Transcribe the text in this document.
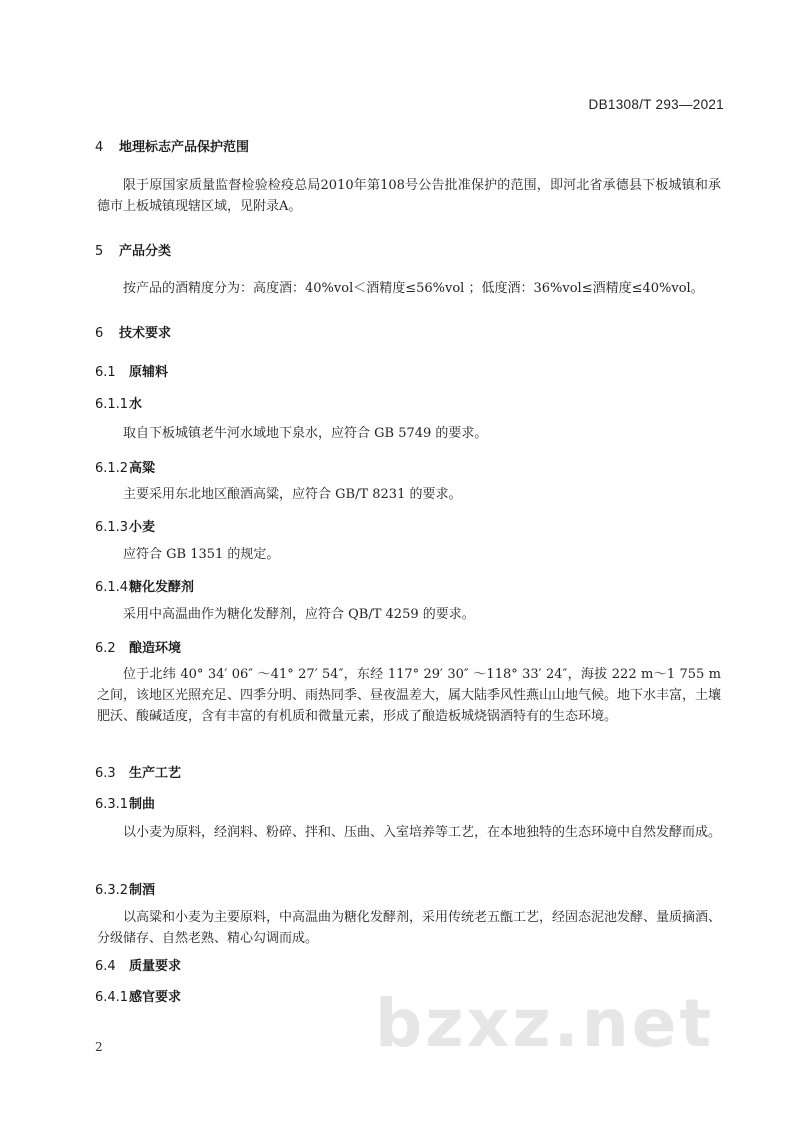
DB1308/T 293—2021
4 地理标志产品保护范围
限于原国家质量监督检验检疫总局2010年第108号公告批准保护的范围，即河北省承德县下板城镇和承德市上板城镇现辖区域，见附录A。
5 产品分类
按产品的酒精度分为：高度酒：40%vol＜酒精度≤56%vol ；低度酒：36%vol≤酒精度≤40%vol。
6 技术要求
6.1 原辅料
6.1.1水
取自下板城镇老牛河水域地下泉水，应符合 GB 5749 的要求。
6.1.2高粱
主要采用东北地区酿酒高粱，应符合 GB/T 8231 的要求。
6.1.3小麦
应符合 GB 1351 的规定。
6.1.4糖化发酵剂
采用中高温曲作为糖化发酵剂，应符合 QB/T 4259 的要求。
6.2 酿造环境
位于北纬 40° 34′ 06″ ～41° 27′ 54″，东经 117° 29′ 30″ ～118° 33′ 24″，海拔 222 m～1 755 m 之间，该地区光照充足、四季分明、雨热同季、昼夜温差大，属大陆季风性燕山山地气候。地下水丰富，土壤肥沃、酸碱适度，含有丰富的有机质和微量元素，形成了酿造板城烧锅酒特有的生态环境。
6.3 生产工艺
6.3.1制曲
以小麦为原料，经润料、粉碎、拌和、压曲、入室培养等工艺，在本地独特的生态环境中自然发酵而成。
6.3.2制酒
以高粱和小麦为主要原料，中高温曲为糖化发酵剂，采用传统老五甑工艺，经固态泥池发酵、量质摘酒、分级储存、自然老熟、精心勾调而成。
6.4 质量要求
6.4.1感官要求	bzxz.net
2
